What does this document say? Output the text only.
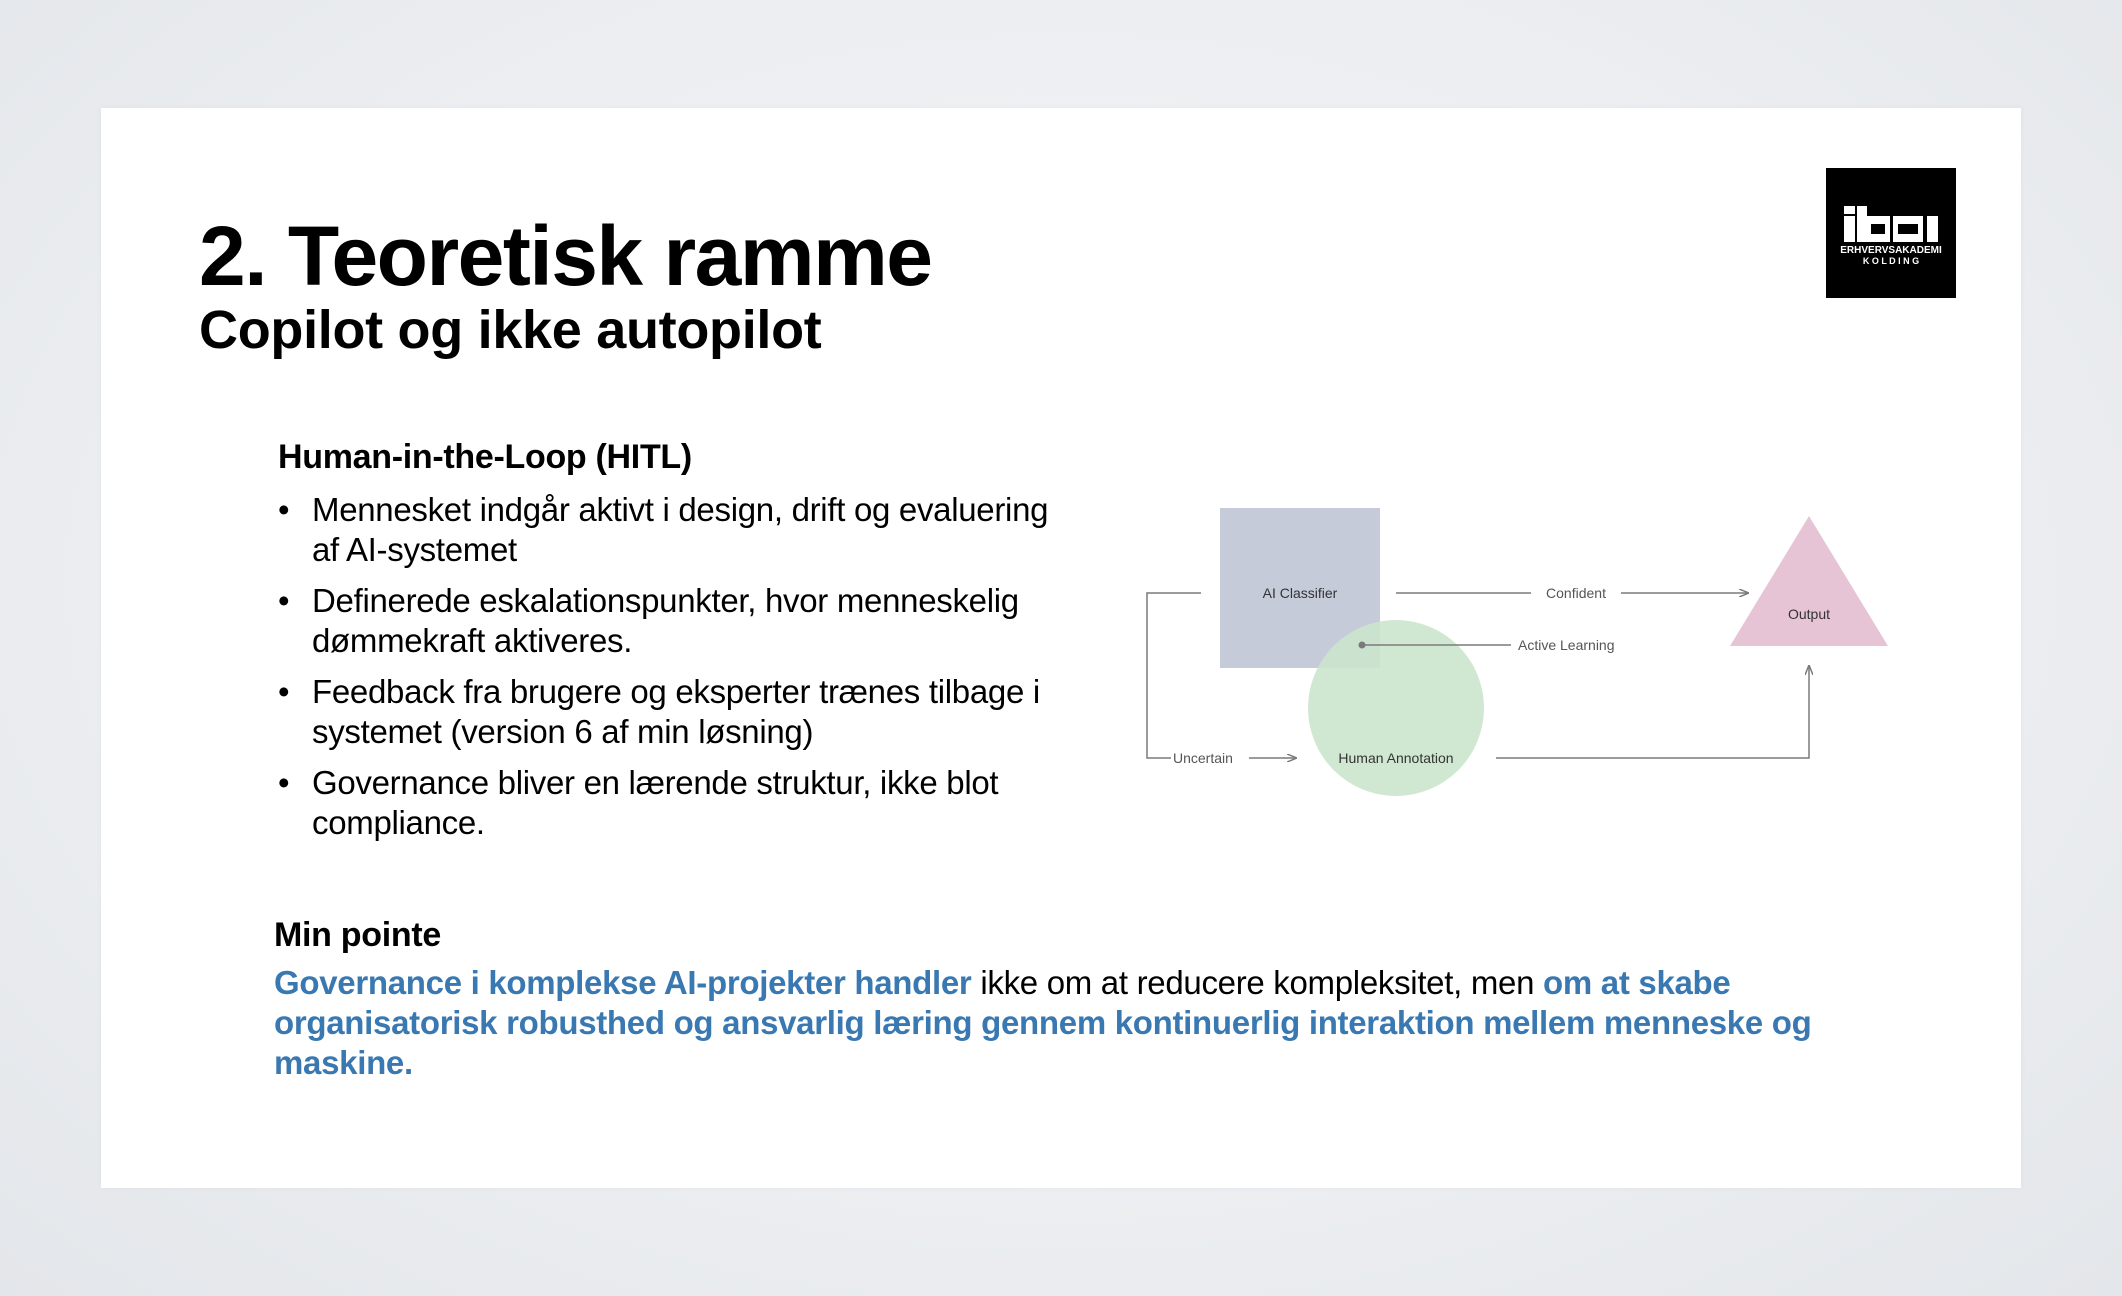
2. Teoretisk ramme
Copilot og ikke autopilot
ERHVERVSAKADEMI
K O L D I N G
Human-in-the-Loop (HITL)
• Mennesket indgår aktivt i design, drift og evaluering af AI-systemet
• Definerede eskalationspunkter, hvor menneskelig dømmekraft aktiveres.
• Feedback fra brugere og eksperter trænes tilbage i systemet (version 6 af min løsning)
• Governance bliver en lærende struktur, ikke blot compliance.
Confident
Active Learning
Uncertain
AI Classifier
Human Annotation
Output
Min pointe

Governance i komplekse AI-projekter handler ikke om at reducere kompleksitet, men om at skabe organisatorisk robusthed og ansvarlig læring gennem kontinuerlig interaktion mellem menneske og maskine.
